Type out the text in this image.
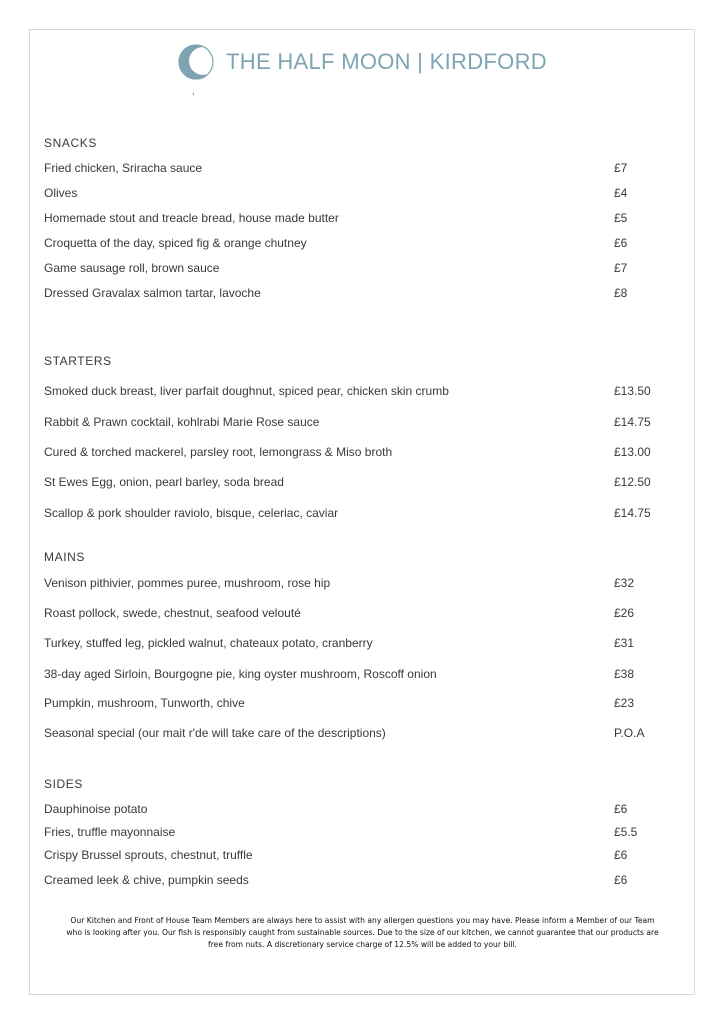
THE HALF MOON | KIRDFORD
,
SNACKS
Fried chicken, Sriracha sauce	£7
Olives	£4
Homemade stout and treacle bread, house made butter	£5
Croquetta of the day, spiced fig & orange chutney	£6
Game sausage roll, brown sauce	£7
Dressed Gravalax salmon tartar, lavoche	£8
STARTERS
Smoked duck breast, liver parfait doughnut, spiced pear, chicken skin crumb	£13.50
Rabbit & Prawn cocktail, kohlrabi Marie Rose sauce	£14.75
Cured & torched mackerel, parsley root, lemongrass & Miso broth	£13.00
St Ewes Egg, onion, pearl barley, soda bread	£12.50
Scallop & pork shoulder raviolo, bisque, celeriac, caviar	£14.75
MAINS
Venison pithivier, pommes puree, mushroom, rose hip	£32
Roast pollock, swede, chestnut, seafood velouté	£26
Turkey, stuffed leg, pickled walnut, chateaux potato, cranberry	£31
38-day aged Sirloin, Bourgogne pie, king oyster mushroom, Roscoff onion	£38
Pumpkin, mushroom, Tunworth, chive	£23
Seasonal special (our mait r'de will take care of the descriptions)	P.O.A
SIDES
Dauphinoise potato	£6
Fries, truffle mayonnaise	£5.5
Crispy Brussel sprouts, chestnut, truffle	£6
Creamed leek & chive, pumpkin seeds	£6
Our Kitchen and Front of House Team Members are always here to assist with any allergen questions you may have. Please inform a Member of our Team
who is looking after you. Our fish is responsibly caught from sustainable sources. Due to the size of our kitchen, we cannot guarantee that our products are
free from nuts. A discretionary service charge of 12.5% will be added to your bill.
